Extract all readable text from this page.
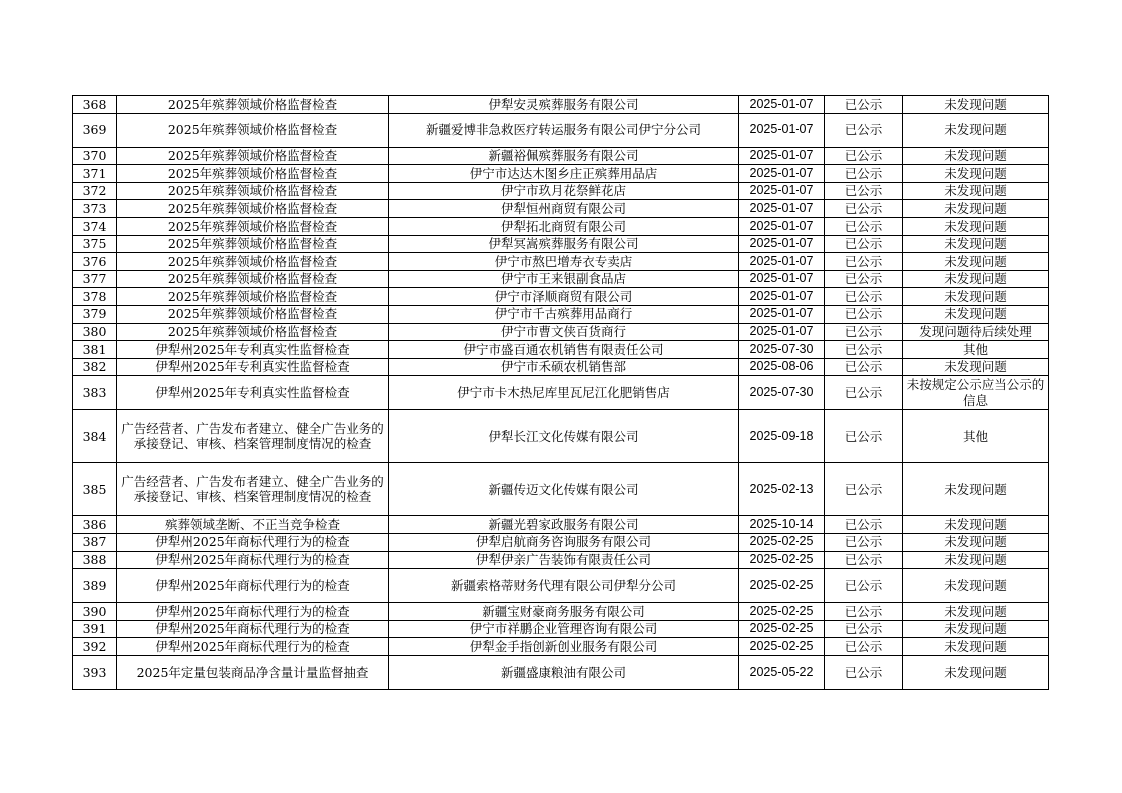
368	2025年殡葬领域价格监督检查	伊犁安灵殡葬服务有限公司	2025-01-07	已公示	未发现问题
369	2025年殡葬领域价格监督检查	新疆爱博非急救医疗转运服务有限公司伊宁分公司	2025-01-07	已公示	未发现问题
370	2025年殡葬领域价格监督检查	新疆裕佩殡葬服务有限公司	2025-01-07	已公示	未发现问题
371	2025年殡葬领域价格监督检查	伊宁市达达木图乡庄正殡葬用品店	2025-01-07	已公示	未发现问题
372	2025年殡葬领域价格监督检查	伊宁市玖月花祭鲜花店	2025-01-07	已公示	未发现问题
373	2025年殡葬领域价格监督检查	伊犁恒州商贸有限公司	2025-01-07	已公示	未发现问题
374	2025年殡葬领域价格监督检查	伊犁拓北商贸有限公司	2025-01-07	已公示	未发现问题
375	2025年殡葬领域价格监督检查	伊犁冥嵩殡葬服务有限公司	2025-01-07	已公示	未发现问题
376	2025年殡葬领域价格监督检查	伊宁市熬巴增寿衣专卖店	2025-01-07	已公示	未发现问题
377	2025年殡葬领域价格监督检查	伊宁市王来银副食品店	2025-01-07	已公示	未发现问题
378	2025年殡葬领域价格监督检查	伊宁市泽顺商贸有限公司	2025-01-07	已公示	未发现问题
379	2025年殡葬领域价格监督检查	伊宁市千古殡葬用品商行	2025-01-07	已公示	未发现问题
380	2025年殡葬领域价格监督检查	伊宁市曹文侠百货商行	2025-01-07	已公示	发现问题待后续处理
381	伊犁州2025年专利真实性监督检查	伊宁市盛百通农机销售有限责任公司	2025-07-30	已公示	其他
382	伊犁州2025年专利真实性监督检查	伊宁市禾硕农机销售部	2025-08-06	已公示	未发现问题
383	伊犁州2025年专利真实性监督检查	伊宁市卡木热尼库里瓦尼江化肥销售店	2025-07-30	已公示	未按规定公示应当公示的信息
384	广告经营者、广告发布者建立、健全广告业务的承接登记、审核、档案管理制度情况的检查	伊犁长江文化传媒有限公司	2025-09-18	已公示	其他
385	广告经营者、广告发布者建立、健全广告业务的承接登记、审核、档案管理制度情况的检查	新疆传迈文化传媒有限公司	2025-02-13	已公示	未发现问题
386	殡葬领域垄断、不正当竞争检查	新疆光碧家政服务有限公司	2025-10-14	已公示	未发现问题
387	伊犁州2025年商标代理行为的检查	伊犁启航商务咨询服务有限公司	2025-02-25	已公示	未发现问题
388	伊犁州2025年商标代理行为的检查	伊犁伊亲广告装饰有限责任公司	2025-02-25	已公示	未发现问题
389	伊犁州2025年商标代理行为的检查	新疆索格蒂财务代理有限公司伊犁分公司	2025-02-25	已公示	未发现问题
390	伊犁州2025年商标代理行为的检查	新疆宝财豪商务服务有限公司	2025-02-25	已公示	未发现问题
391	伊犁州2025年商标代理行为的检查	伊宁市祥鹏企业管理咨询有限公司	2025-02-25	已公示	未发现问题
392	伊犁州2025年商标代理行为的检查	伊犁金手指创新创业服务有限公司	2025-02-25	已公示	未发现问题
393	2025年定量包装商品净含量计量监督抽查	新疆盛康粮油有限公司	2025-05-22	已公示	未发现问题
